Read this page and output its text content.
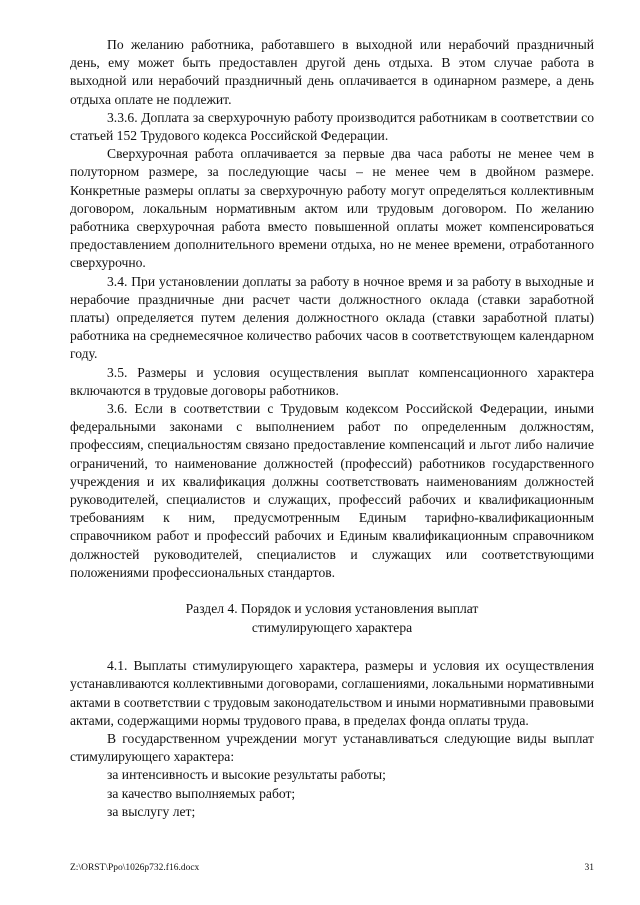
По желанию работника, работавшего в выходной или нерабочий праздничный день, ему может быть предоставлен другой день отдыха. В этом случае работа в выходной или нерабочий праздничный день оплачивается в одинарном размере, а день отдыха оплате не подлежит.

3.3.6. Доплата за сверхурочную работу производится работникам в соответствии со статьей 152 Трудового кодекса Российской Федерации.

Сверхурочная работа оплачивается за первые два часа работы не менее чем в полуторном размере, за последующие часы – не менее чем в двойном размере. Конкретные размеры оплаты за сверхурочную работу могут определяться коллективным договором, локальным нормативным актом или трудовым договором. По желанию работника сверхурочная работа вместо повышенной оплаты может компенсироваться предоставлением дополнительного времени отдыха, но не менее времени, отработанного сверхурочно.

3.4. При установлении доплаты за работу в ночное время и за работу в выходные и нерабочие праздничные дни расчет части должностного оклада (ставки заработной платы) определяется путем деления должностного оклада (ставки заработной платы) работника на среднемесячное количество рабочих часов в соответствующем календарном году.

3.5. Размеры и условия осуществления выплат компенсационного характера включаются в трудовые договоры работников.

3.6. Если в соответствии с Трудовым кодексом Российской Федерации, иными федеральными законами с выполнением работ по определенным должностям, профессиям, специальностям связано предоставление компенсаций и льгот либо наличие ограничений, то наименование должностей (профессий) работников государственного учреждения и их квалификация должны соответствовать наименованиям должностей руководителей, специалистов и служащих, профессий рабочих и квалификационным требованиям к ним, предусмотренным Единым тарифно-квалификационным справочником работ и профессий рабочих и Единым квалификационным справочником должностей руководителей, специалистов и служащих или соответствующими положениями профессиональных стандартов.

Раздел 4. Порядок и условия установления выплат
стимулирующего характера

4.1. Выплаты стимулирующего характера, размеры и условия их осуществления устанавливаются коллективными договорами, соглашениями, локальными нормативными актами в соответствии с трудовым законодательством и иными нормативными правовыми актами, содержащими нормы трудового права, в пределах фонда оплаты труда.

В государственном учреждении могут устанавливаться следующие виды выплат стимулирующего характера:

за интенсивность и высокие результаты работы;
за качество выполняемых работ;
за выслугу лет;
Z:\ORST\Ppo\1026p732.f16.docx	31
